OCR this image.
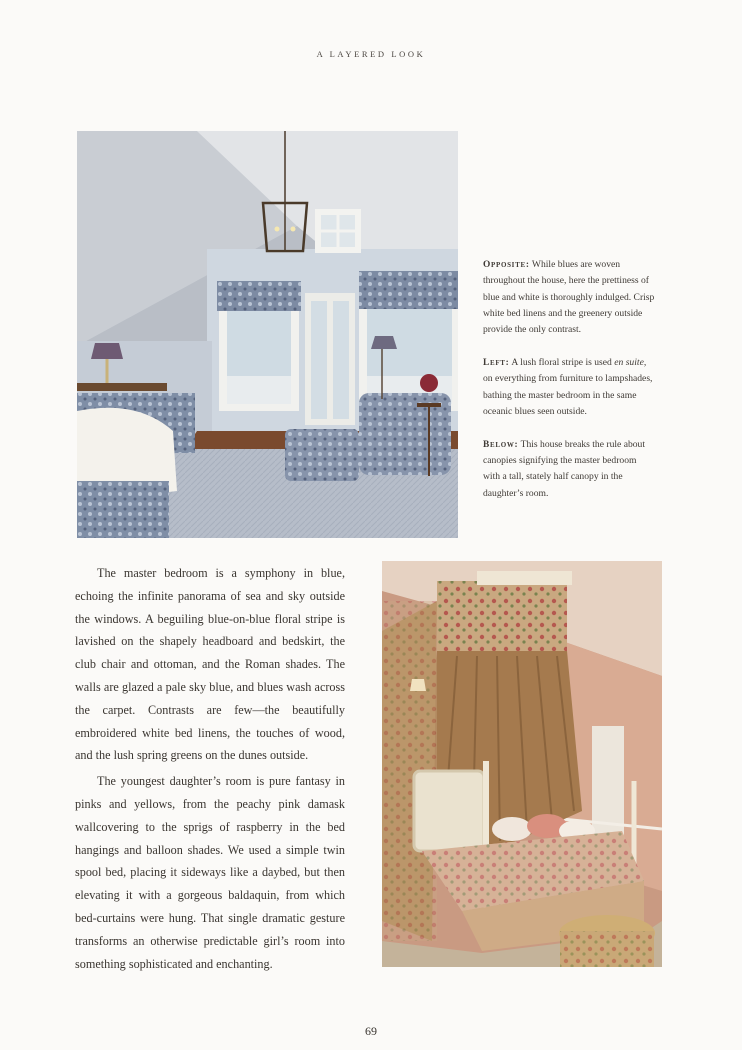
A LAYERED LOOK

Opposite: While blues are woven throughout the house, here the prettiness of blue and white is thoroughly indulged. Crisp white bed linens and the greenery outside provide the only contrast.

Left: A lush floral stripe is used en suite, on everything from furniture to lampshades, bathing the master bedroom in the same oceanic blues seen outside.

Below: This house breaks the rule about canopies signifying the master bedroom with a tall, stately half canopy in the daughter’s room.

The master bedroom is a symphony in blue, echoing the infinite panorama of sea and sky outside the windows. A beguiling blue-on-blue floral stripe is lavished on the shapely headboard and bedskirt, the club chair and ottoman, and the Roman shades. The walls are glazed a pale sky blue, and blues wash across the carpet. Contrasts are few—the beautifully embroidered white bed linens, the touches of wood, and the lush spring greens on the dunes outside.

The youngest daughter’s room is pure fantasy in pinks and yellows, from the peachy pink damask wallcovering to the sprigs of raspberry in the bed hangings and balloon shades. We used a simple twin spool bed, placing it sideways like a daybed, but then elevating it with a gorgeous baldaquin, from which bed-curtains were hung. That single dramatic gesture transforms an otherwise predictable girl’s room into something sophisticated and enchanting.

69
